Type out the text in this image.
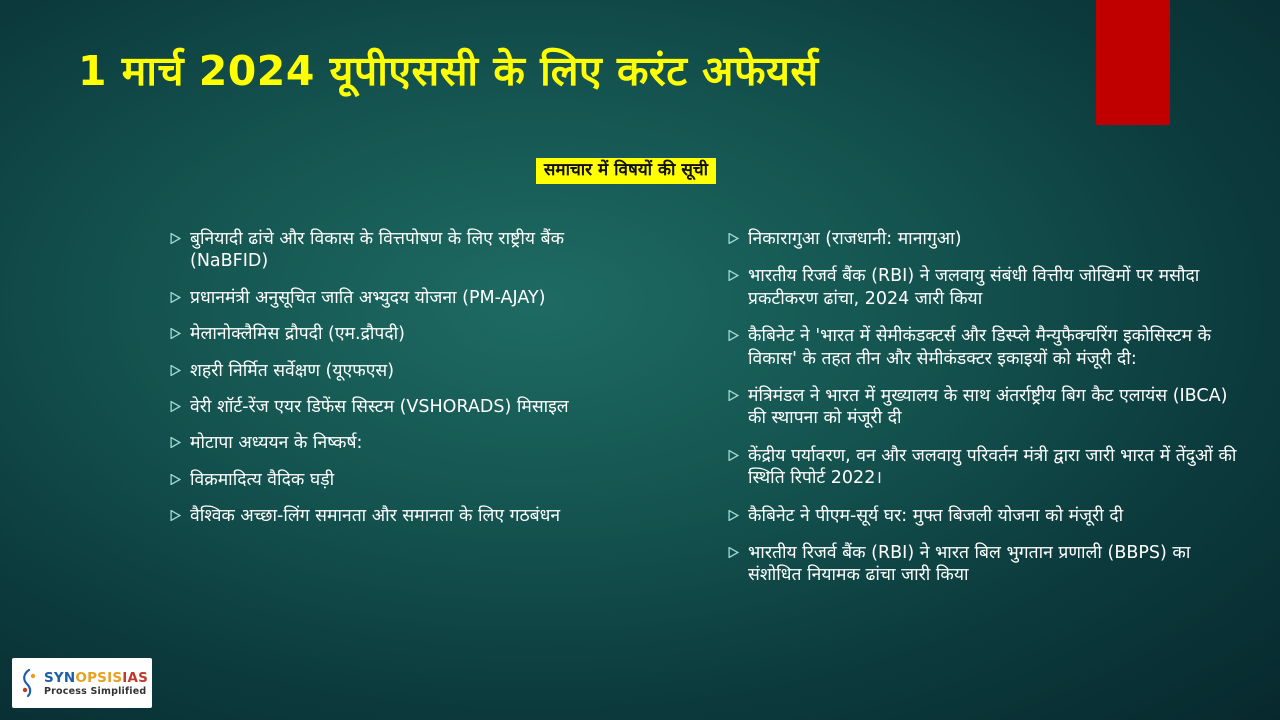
1 मार्च 2024 यूपीएससी के लिए करंट अफेयर्स
समाचार में विषयों की सूची
बुनियादी ढांचे और विकास के वित्तपोषण के लिए राष्ट्रीय बैंक (NaBFID)
प्रधानमंत्री अनुसूचित जाति अभ्युदय योजना (PM-AJAY)
मेलानोक्लैमिस द्रौपदी (एम.द्रौपदी)
शहरी निर्मित सर्वेक्षण (यूएफएस)
वेरी शॉर्ट-रेंज एयर डिफेंस सिस्टम (VSHORADS) मिसाइल
मोटापा अध्ययन के निष्कर्ष:
विक्रमादित्य वैदिक घड़ी
वैश्विक अच्छा-लिंग समानता और समानता के लिए गठबंधन
निकारागुआ (राजधानी: मानागुआ)
भारतीय रिजर्व बैंक (RBI) ने जलवायु संबंधी वित्तीय जोखिमों पर मसौदा प्रकटीकरण ढांचा, 2024 जारी किया
कैबिनेट ने 'भारत में सेमीकंडक्टर्स और डिस्प्ले मैन्युफैक्चरिंग इकोसिस्टम के विकास' के तहत तीन और सेमीकंडक्टर इकाइयों को मंजूरी दी:
मंत्रिमंडल ने भारत में मुख्यालय के साथ अंतर्राष्ट्रीय बिग कैट एलायंस (IBCA) की स्थापना को मंजूरी दी
केंद्रीय पर्यावरण, वन और जलवायु परिवर्तन मंत्री द्वारा जारी भारत में तेंदुओं की स्थिति रिपोर्ट 2022।
कैबिनेट ने पीएम-सूर्य घर: मुफ्त बिजली योजना को मंजूरी दी
भारतीय रिजर्व बैंक (RBI) ने भारत बिल भुगतान प्रणाली (BBPS) का संशोधित नियामक ढांचा जारी किया
SYNOPSISIAS
Process Simplified
